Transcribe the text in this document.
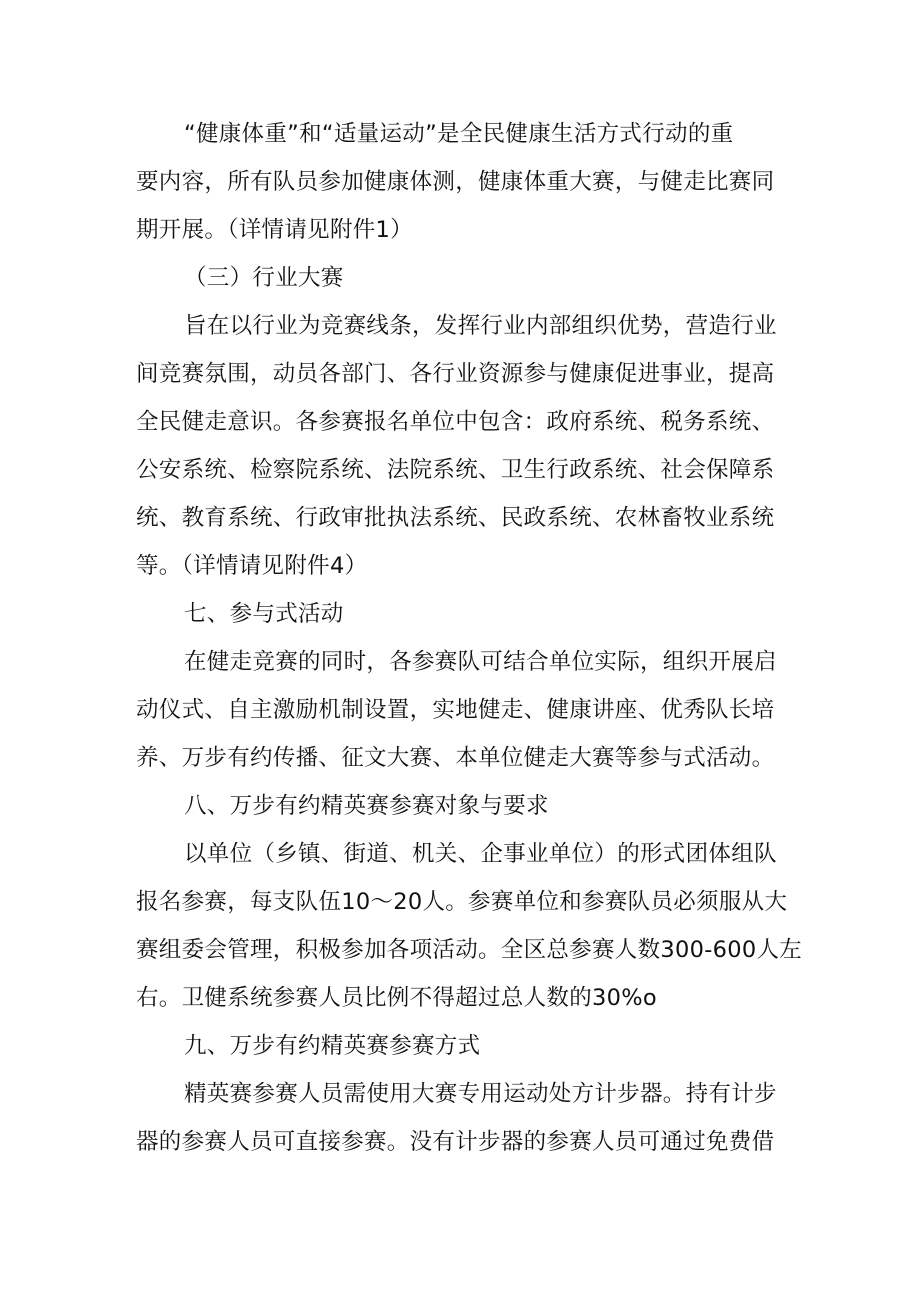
“健康体重”和“适量运动”是全民健康生活方式行动的重
要内容，所有队员参加健康体测，健康体重大赛，与健走比赛同
期开展。（详情请见附件1）
（三）行业大赛
旨在以行业为竞赛线条，发挥行业内部组织优势，营造行业
间竞赛氛围，动员各部门、各行业资源参与健康促进事业，提高
全民健走意识。各参赛报名单位中包含：政府系统、税务系统、
公安系统、检察院系统、法院系统、卫生行政系统、社会保障系
统、教育系统、行政审批执法系统、民政系统、农林畜牧业系统
等。（详情请见附件4）
七、参与式活动
在健走竞赛的同时，各参赛队可结合单位实际，组织开展启
动仪式、自主激励机制设置，实地健走、健康讲座、优秀队长培
养、万步有约传播、征文大赛、本单位健走大赛等参与式活动。
八、万步有约精英赛参赛对象与要求
以单位（乡镇、街道、机关、企事业单位）的形式团体组队
报名参赛，每支队伍10～20人。参赛单位和参赛队员必须服从大
赛组委会管理，积极参加各项活动。全区总参赛人数300-600人左
右。卫健系统参赛人员比例不得超过总人数的30%o
九、万步有约精英赛参赛方式
精英赛参赛人员需使用大赛专用运动处方计步器。持有计步
器的参赛人员可直接参赛。没有计步器的参赛人员可通过免费借
